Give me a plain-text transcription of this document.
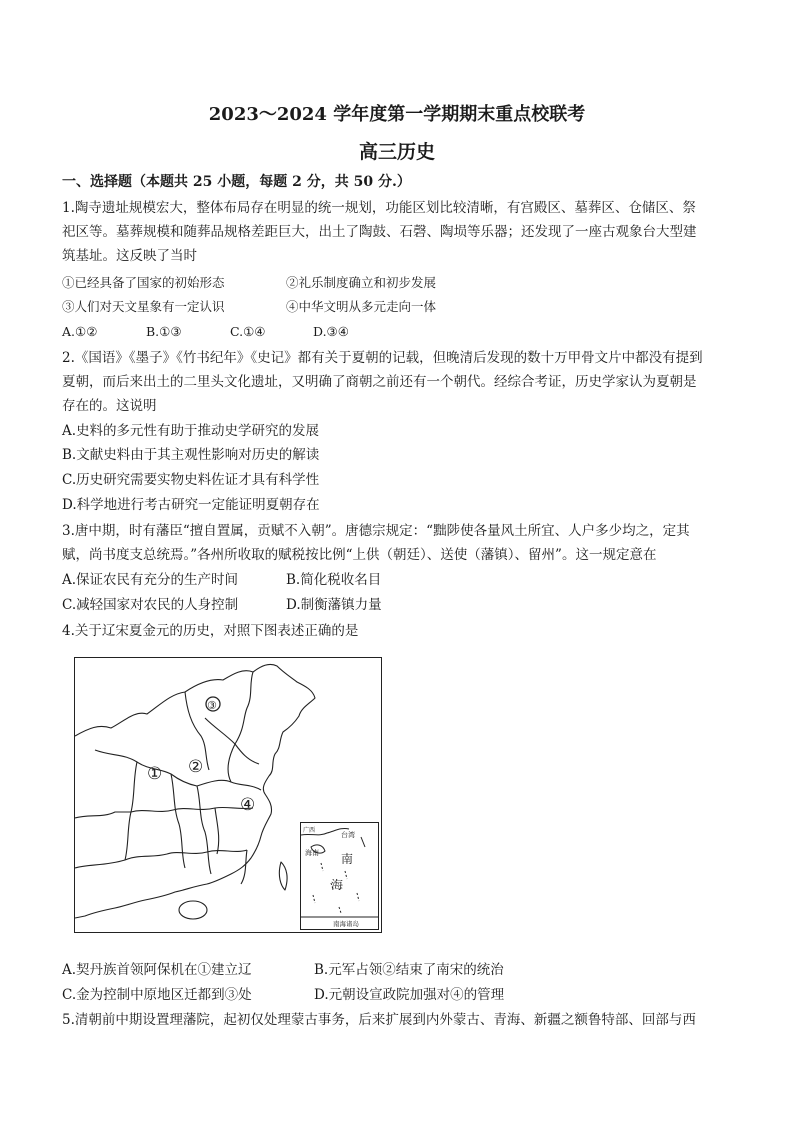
2023～2024 学年度第一学期期末重点校联考
高三历史
一、选择题（本题共 25 小题，每题 2 分，共 50 分.）
1.陶寺遗址规模宏大，整体布局存在明显的统一规划，功能区划比较清晰，有宫殿区、墓葬区、仓储区、祭
祀区等。墓葬规模和随葬品规格差距巨大，出土了陶鼓、石磬、陶埙等乐器；还发现了一座古观象台大型建
筑基址。这反映了当时
①已经具备了国家的初始形态	②礼乐制度确立和初步发展
③人们对天文星象有一定认识	④中华文明从多元走向一体
A.①②	B.①③	C.①④	D.③④
2.《国语》《墨子》《竹书纪年》《史记》都有关于夏朝的记载，但晚清后发现的数十万甲骨文片中都没有提到
夏朝，而后来出土的二里头文化遗址，又明确了商朝之前还有一个朝代。经综合考证，历史学家认为夏朝是
存在的。这说明
A.史料的多元性有助于推动史学研究的发展
B.文献史料由于其主观性影响对历史的解读
C.历史研究需要实物史料佐证才具有科学性
D.科学地进行考古研究一定能证明夏朝存在
3.唐中期，时有藩臣“擅自置属，贡赋不入朝”。唐德宗规定：“黜陟使各量风土所宜、人户多少均之，定其
赋，尚书度支总统焉。”各州所收取的赋税按比例“上供（朝廷）、送使（藩镇）、留州”。这一规定意在
A.保证农民有充分的生产时间	B.简化税收名目
C.减轻国家对农民的人身控制	D.制衡藩镇力量
4.关于辽宋夏金元的历史，对照下图表述正确的是
① ②
③
④
广西
台湾
海南 南
海
南海诸岛
A.契丹族首领阿保机在①建立辽	B.元军占领②结束了南宋的统治
C.金为控制中原地区迁都到③处	D.元朝设宣政院加强对④的管理
5.清朝前中期设置理藩院，起初仅处理蒙古事务，后来扩展到内外蒙古、青海、新疆之额鲁特部、回部与西
